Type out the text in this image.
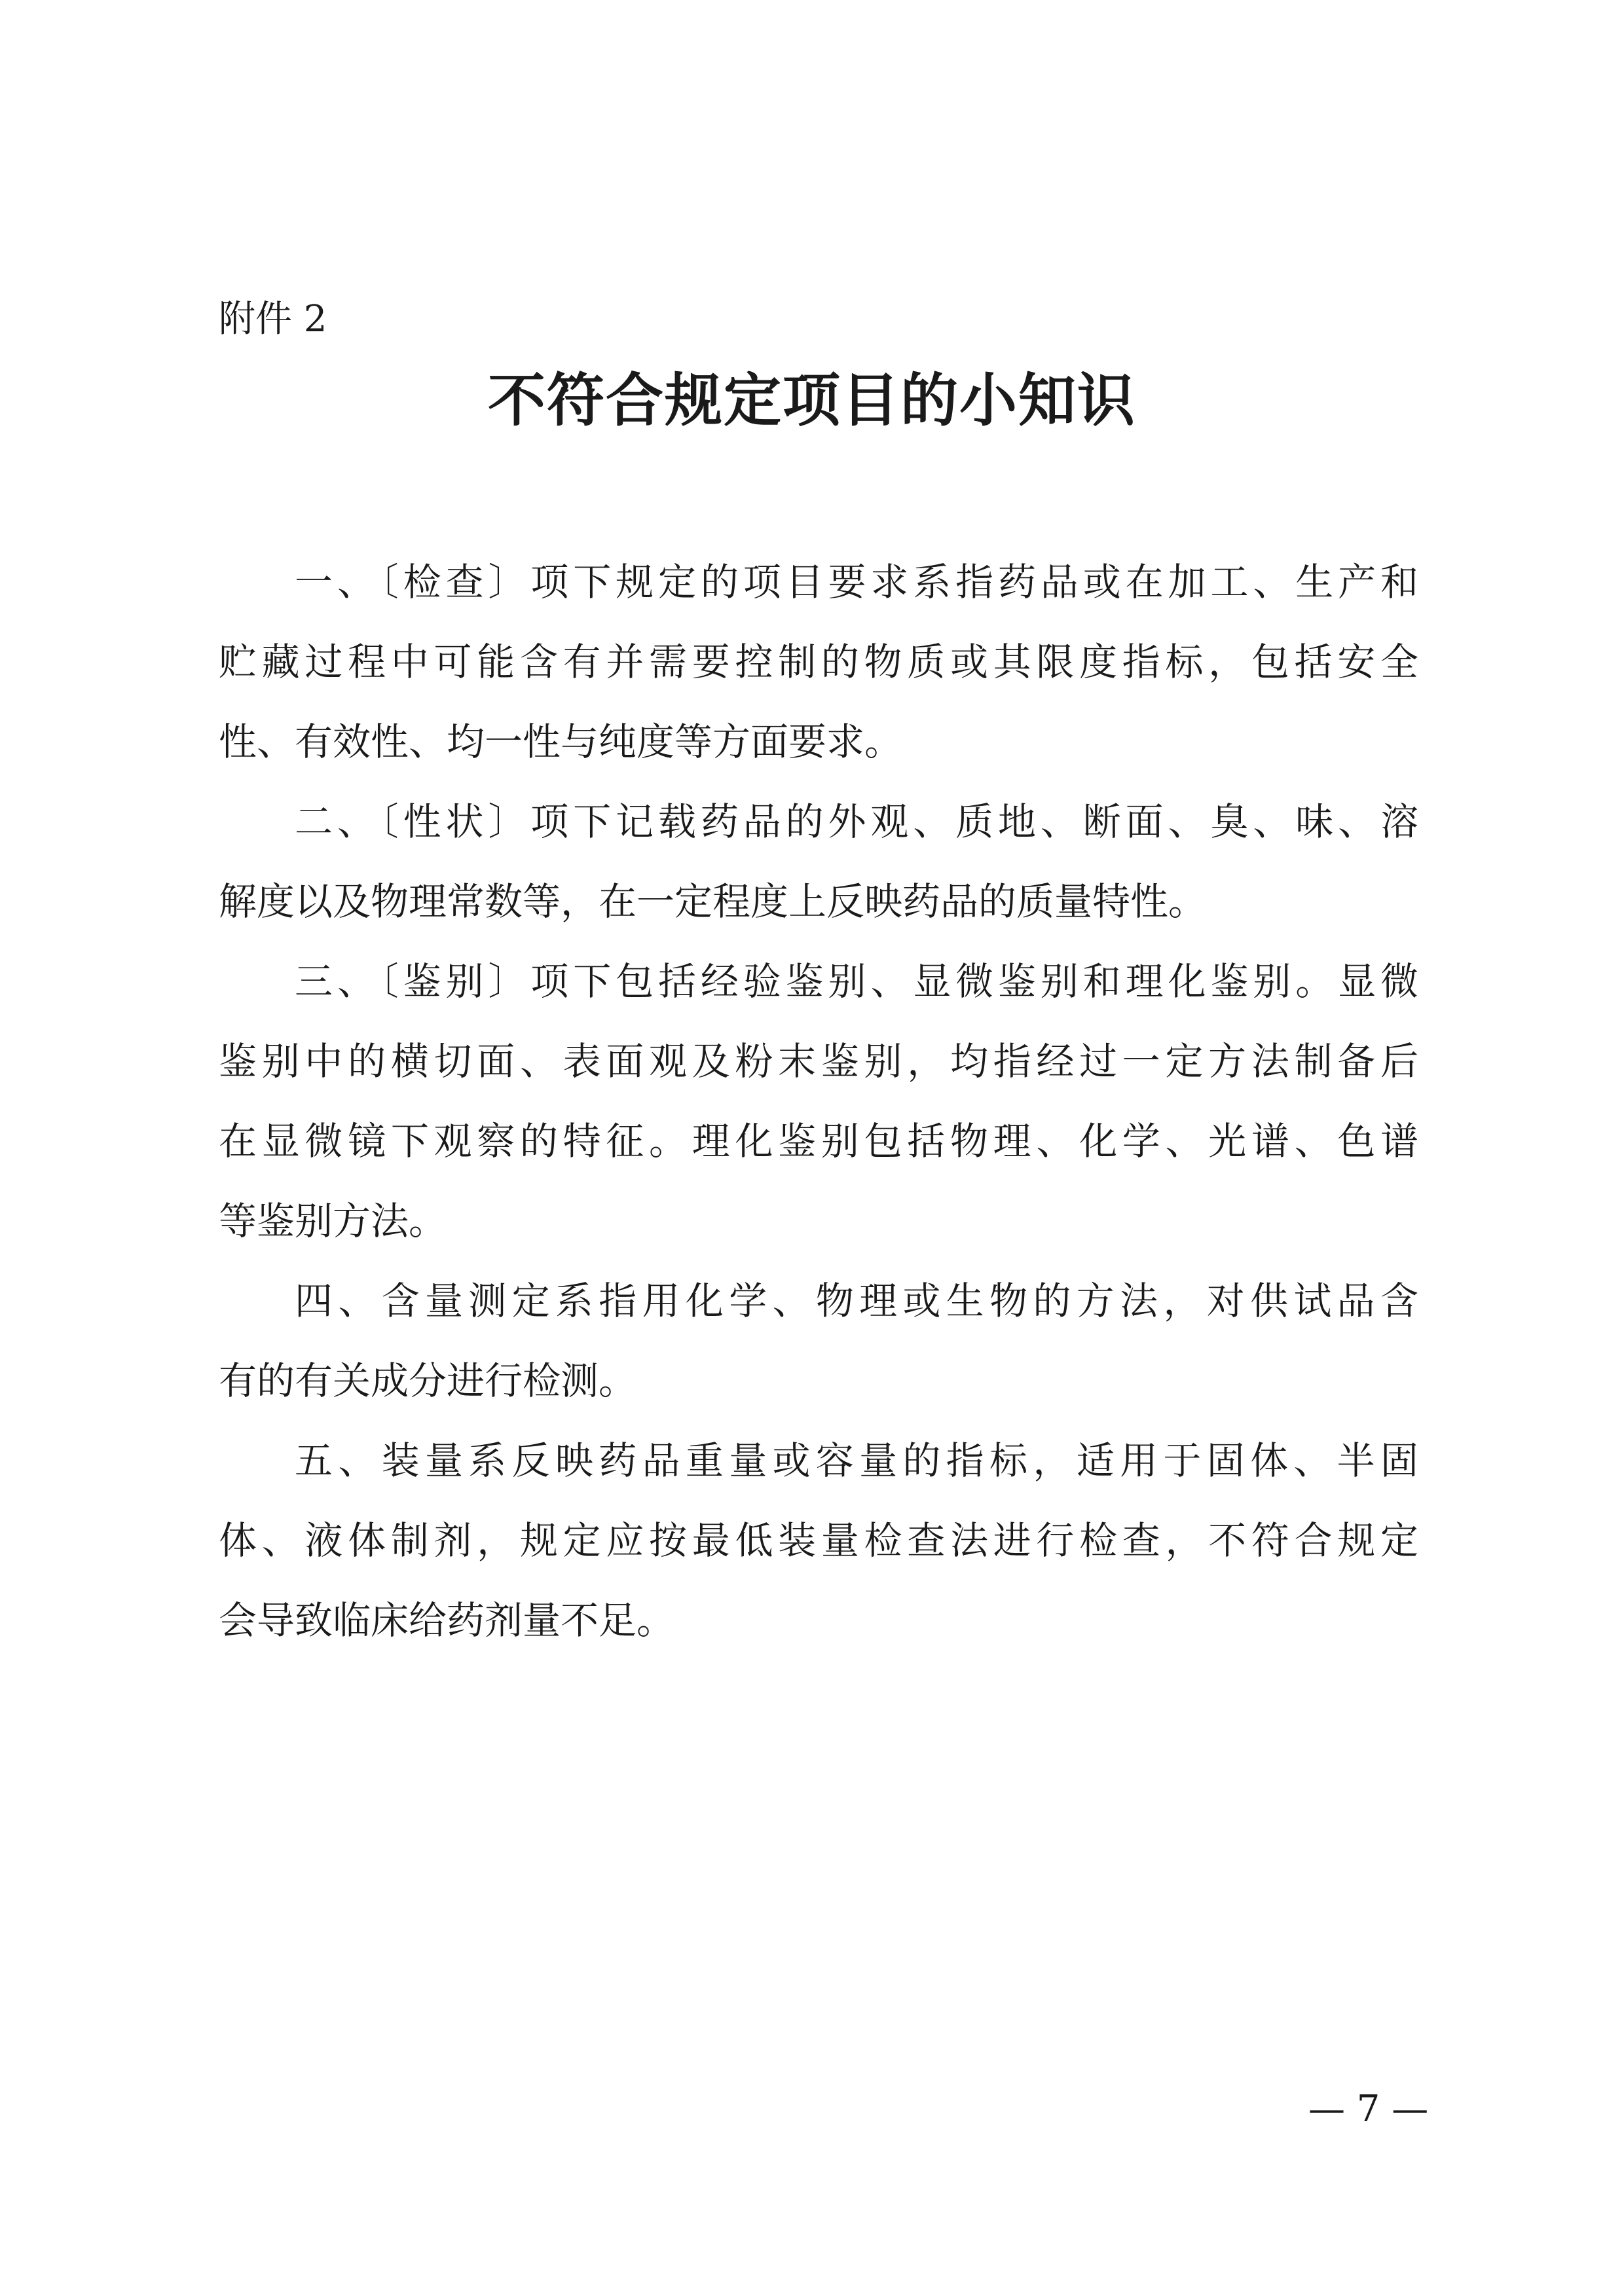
附件 2

不符合规定项目的小知识

一、〔检查〕项下规定的项目要求系指药品或在加工、生产和
贮藏过程中可能含有并需要控制的物质或其限度指标，包括安全
性、有效性、均一性与纯度等方面要求。

二、〔性状〕项下记载药品的外观、质地、断面、臭、味、溶
解度以及物理常数等，在一定程度上反映药品的质量特性。

三、〔鉴别〕项下包括经验鉴别、显微鉴别和理化鉴别。显微
鉴别中的横切面、表面观及粉末鉴别，均指经过一定方法制备后
在显微镜下观察的特征。理化鉴别包括物理、化学、光谱、色谱
等鉴别方法。

四、含量测定系指用化学、物理或生物的方法，对供试品含
有的有关成分进行检测。

五、装量系反映药品重量或容量的指标，适用于固体、半固
体、液体制剂，规定应按最低装量检查法进行检查，不符合规定
会导致临床给药剂量不足。

— 7 —
